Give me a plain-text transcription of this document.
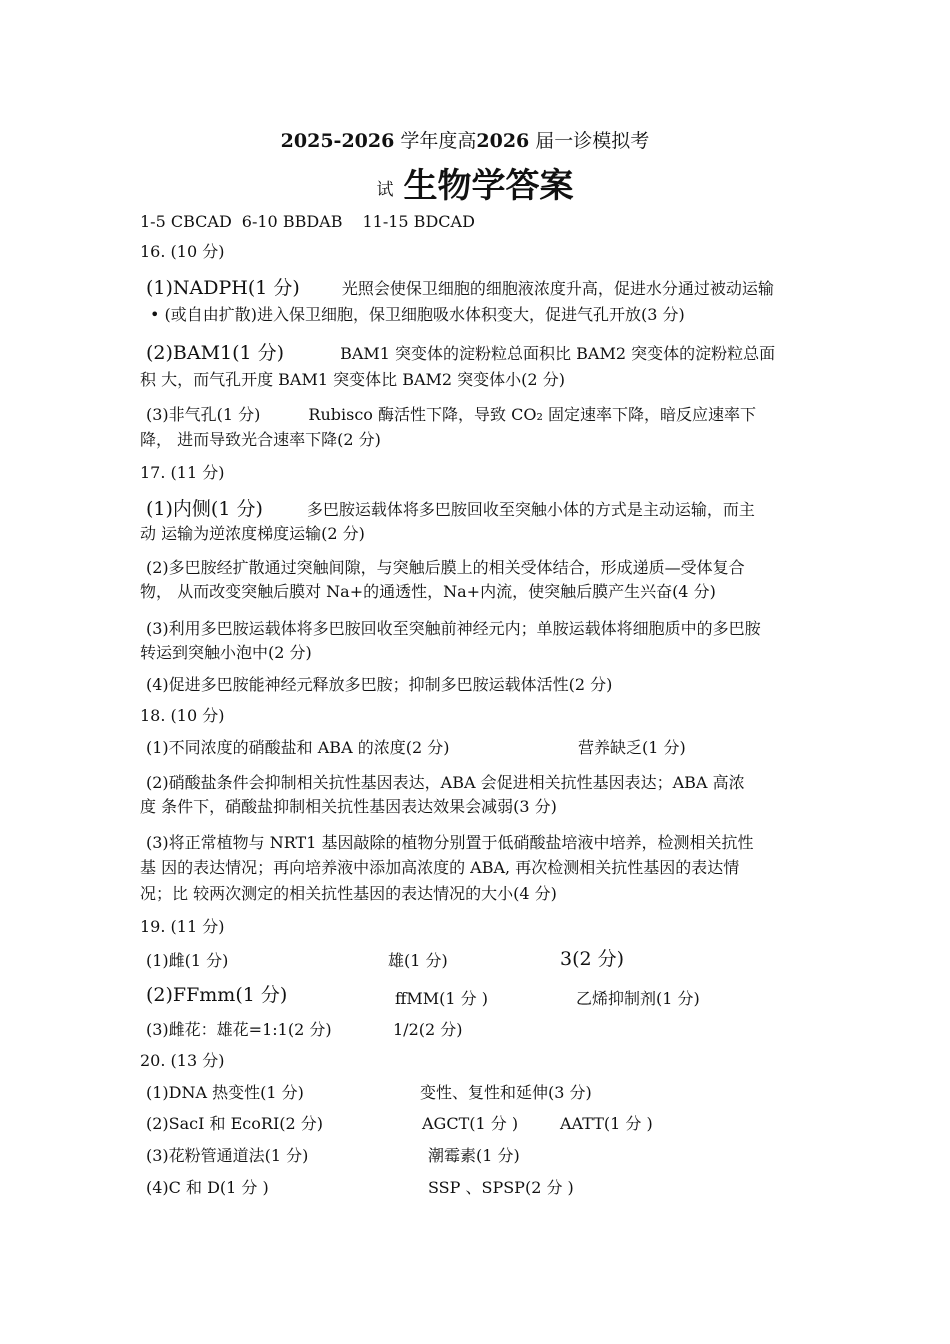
2025-2026 学年度高2026 届一诊模拟考
试 生物学答案
1-5 CBCAD 6-10 BBDAB 11-15 BDCAD
16. (10 分)
(1)NADPH(1 分)	光照会使保卫细胞的细胞液浓度升高，促进水分通过被动运输
• (或自由扩散)进入保卫细胞，保卫细胞吸水体积变大，促进气孔开放(3 分)
(2)BAM1(1 分)	BAM1 突变体的淀粉粒总面积比 BAM2 突变体的淀粉粒总面
积 大，而气孔开度 BAM1 突变体比 BAM2 突变体小(2 分)
(3)非气孔(1 分)	Rubisco 酶活性下降，导致 CO₂ 固定速率下降，暗反应速率下
降， 进而导致光合速率下降(2 分)
17. (11 分)
(1)内侧(1 分)	多巴胺运载体将多巴胺回收至突触小体的方式是主动运输，而主
动 运输为逆浓度梯度运输(2 分)
(2)多巴胺经扩散通过突触间隙，与突触后膜上的相关受体结合，形成递质—受体复合
物， 从而改变突触后膜对 Na+的通透性，Na+内流，使突触后膜产生兴奋(4 分)
(3)利用多巴胺运载体将多巴胺回收至突触前神经元内；单胺运载体将细胞质中的多巴胺
转运到突触小泡中(2 分)
(4)促进多巴胺能神经元释放多巴胺；抑制多巴胺运载体活性(2 分)
18. (10 分)
(1)不同浓度的硝酸盐和 ABA 的浓度(2 分)	营养缺乏(1 分)
(2)硝酸盐条件会抑制相关抗性基因表达，ABA 会促进相关抗性基因表达；ABA 高浓
度 条件下，硝酸盐抑制相关抗性基因表达效果会减弱(3 分)
(3)将正常植物与 NRT1 基因敲除的植物分别置于低硝酸盐培液中培养，检测相关抗性
基 因的表达情况；再向培养液中添加高浓度的 ABA, 再次检测相关抗性基因的表达情
况；比 较两次测定的相关抗性基因的表达情况的大小(4 分)
19. (11 分)
(1)雌(1 分)	雄(1 分)	3(2 分)
(2)FFmm(1 分)	ffMM(1 分 )	乙烯抑制剂(1 分)
(3)雌花：雄花=1:1(2 分)	1/2(2 分)
20. (13 分)
(1)DNA 热变性(1 分)	变性、复性和延伸(3 分)
(2)SacI 和 EcoRI(2 分)	AGCT(1 分 )	AATT(1 分 )
(3)花粉管通道法(1 分)	潮霉素(1 分)
(4)C 和 D(1 分 )	SSP 、SPSP(2 分 )
